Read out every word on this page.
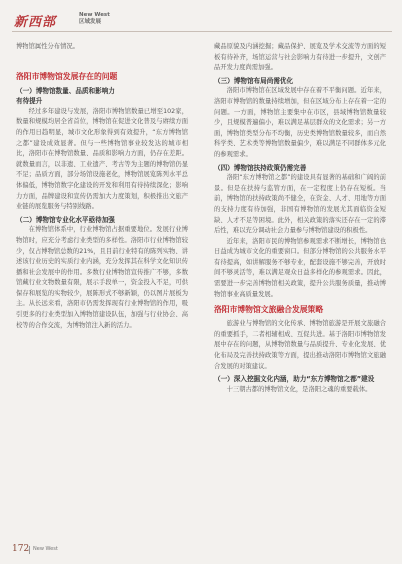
新西部	New West
区域发展

博物馆属性分布情况。

洛阳市博物馆发展存在的问题
（一）博物馆数量、品质和影响力
有待提升

经过多年建设与发展，洛阳市博物馆数量已增至102家，数量和规模均居全省首位，博物馆在促进文化普及与赓续方面的作用日趋明显，城市文化形象得到有效提升，“东方博物馆之都”建设成效显著。但与一些博物馆事业较发达的城市相比，洛阳市在博物馆数量、品质和影响力方面，仍存在差距。就数量而言，以非遗、工业遗产、考古等为主题的博物馆仍显不足；品质方面，部分场馆设施老化，博物馆展览陈列水平总体偏低，博物馆数字化建设的开发和利用有待持续深化；影响力方面，品牌建设和宣传仍需加大力度策划，积极推出文旅产业链的展览服务与特别线路。

（二）博物馆专业化水平亟待加强

在博物馆体系中，行业博物馆占据重要地位。发展行业博物馆时，应充分考虑行业类型的多样性。洛阳市行业博物馆较少，仅占博物馆总数的21%，且目前行业特有的陈列实物、讲述该行业历史的实质行业内涵，充分发挥其在科学文化知识传播和社会发展中的作用。多数行业博物馆宣传推广不够，多数馆藏行业文物数量有限，展示手段单一，资金投入不足，可供保存和展览的实物较少，展陈形式不够新颖，仍以图片展板为主。从长远来看，洛阳市仍需发挥现有行业博物馆的作用，吸引更多的行业类型加入博物馆建设队伍，加强与行业协会、高校等的合作交流，为博物馆注入新的活力。

藏品原貌及内涵挖掘；藏品保护、展览及学术交流等方面的短板有待补齐，场馆运营与社会影响力有待进一步提升，文创产品开发力度尚需加强。

（三）博物馆布局尚需优化

洛阳市博物馆在区域发展中存在着不平衡问题。近年来，洛阳市博物馆的数量持续增加，但在区域分布上存在着一定的问题。一方面，博物馆主要集中在市区，县域博物馆数量较少，且规模普遍偏小，难以满足基层群众的文化需求；另一方面，博物馆类型分布不均衡，历史类博物馆数量较多，而自然科学类、艺术类等博物馆数量偏少，难以满足不同群体多元化的参观需求。

（四）博物馆扶持政策仍需完善

洛阳“东方博物馆之都”的建设具有显著的基础和广阔的前景。但是在扶持与监管方面，在一定程度上仍存在短板。当前，博物馆的扶持政策尚不健全，在资金、人才、用地等方面的支持力度有待加强，非国有博物馆的发展尤其面临资金短缺、人才不足等困境。此外，相关政策的落实还存在一定的滞后性，难以充分调动社会力量参与博物馆建设的积极性。

近年来，洛阳市民的博物馆参观需求不断增长，博物馆也日益成为城市文化的重要窗口。但部分博物馆的公共服务水平有待提高，如讲解服务不够专业，配套设施不够完善，开放时间不够灵活等，难以满足观众日益多样化的参观需求。因此，需要进一步完善博物馆相关政策，提升公共服务质量，推动博物馆事业高质量发展。

洛阳市博物馆文旅融合发展策略

旅游业与博物馆的文化传承、博物馆旅游是开展文旅融合的重要抓手，二者相辅相成、互促共进。基于洛阳市博物馆发展中存在的问题，从博物馆数量与品质提升、专业化发展、优化布局及完善扶持政策等方面，提出推动洛阳市博物馆文旅融合发展的对策建议。

（一）深入挖掘文化内涵，助力“东方博物馆之都”建设

十三朝古都的博物馆文化，是洛阳之魂的重要载体。

172 New West
